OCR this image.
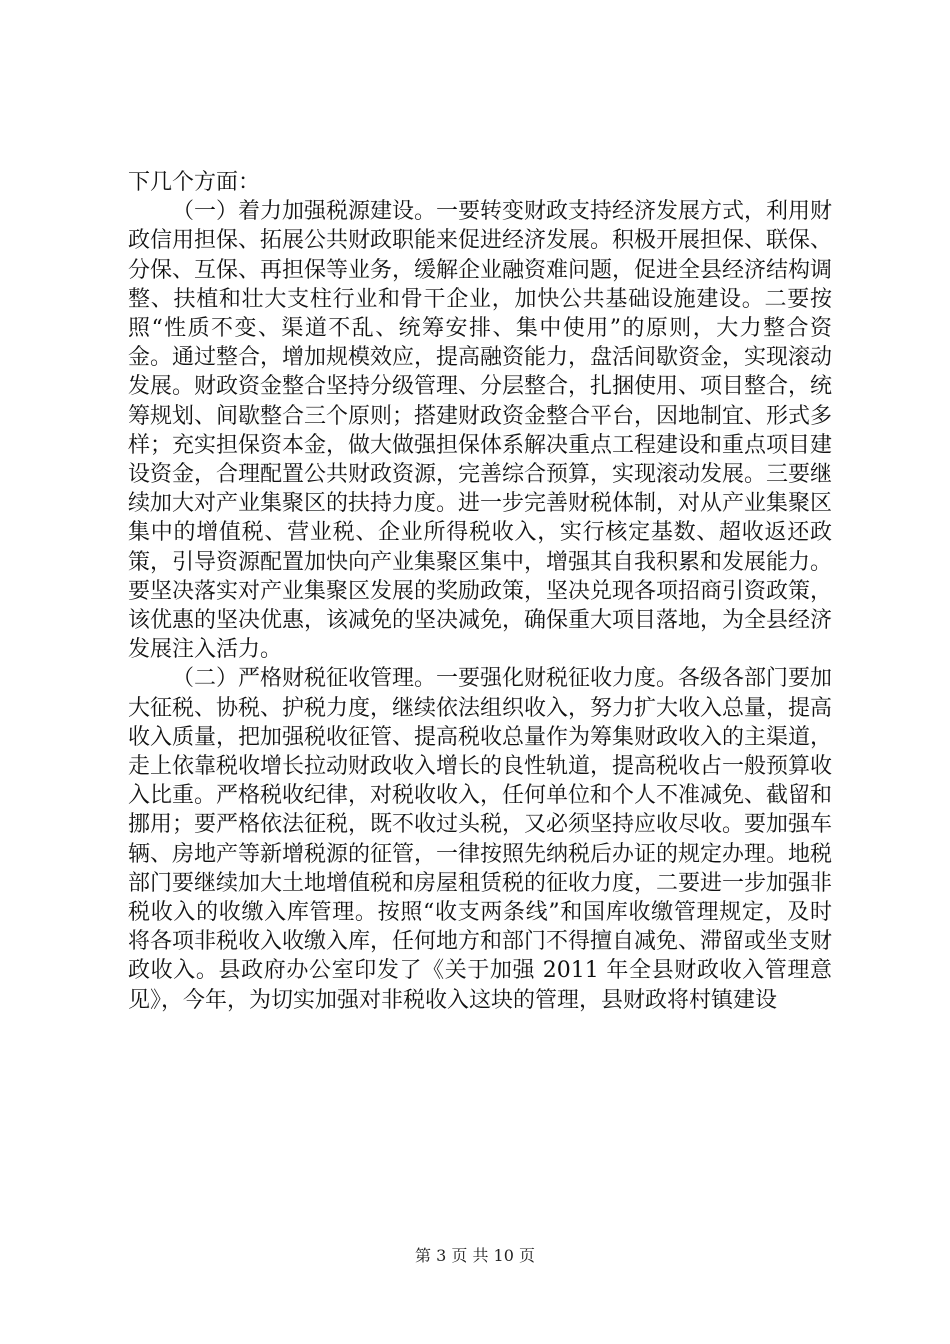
下几个方面：

（一）着力加强税源建设。一要转变财政支持经济发展方式，利用财政信用担保、拓展公共财政职能来促进经济发展。积极开展担保、联保、分保、互保、再担保等业务，缓解企业融资难问题，促进全县经济结构调整、扶植和壮大支柱行业和骨干企业，加快公共基础设施建设。二要按照“性质不变、渠道不乱、统筹安排、集中使用”的原则，大力整合资金。通过整合，增加规模效应，提高融资能力，盘活间歇资金，实现滚动发展。财政资金整合坚持分级管理、分层整合，扎捆使用、项目整合，统筹规划、间歇整合三个原则；搭建财政资金整合平台，因地制宜、形式多样；充实担保资本金，做大做强担保体系解决重点工程建设和重点项目建设资金，合理配置公共财政资源，完善综合预算，实现滚动发展。三要继续加大对产业集聚区的扶持力度。进一步完善财税体制，对从产业集聚区集中的增值税、营业税、企业所得税收入，实行核定基数、超收返还政策，引导资源配置加快向产业集聚区集中，增强其自我积累和发展能力。要坚决落实对产业集聚区发展的奖励政策，坚决兑现各项招商引资政策，该优惠的坚决优惠，该减免的坚决减免，确保重大项目落地，为全县经济发展注入活力。

（二）严格财税征收管理。一要强化财税征收力度。各级各部门要加大征税、协税、护税力度，继续依法组织收入，努力扩大收入总量，提高收入质量，把加强税收征管、提高税收总量作为筹集财政收入的主渠道，走上依靠税收增长拉动财政收入增长的良性轨道，提高税收占一般预算收入比重。严格税收纪律，对税收收入，任何单位和个人不准减免、截留和挪用；要严格依法征税，既不收过头税，又必须坚持应收尽收。要加强车辆、房地产等新增税源的征管，一律按照先纳税后办证的规定办理。地税部门要继续加大土地增值税和房屋租赁税的征收力度，二要进一步加强非税收入的收缴入库管理。按照“收支两条线”和国库收缴管理规定，及时将各项非税收入收缴入库，任何地方和部门不得擅自减免、滞留或坐支财政收入。县政府办公室印发了《关于加强 2011 年全县财政收入管理意见》，今年，为切实加强对非税收入这块的管理，县财政将村镇建设

第 3 页 共 10 页
